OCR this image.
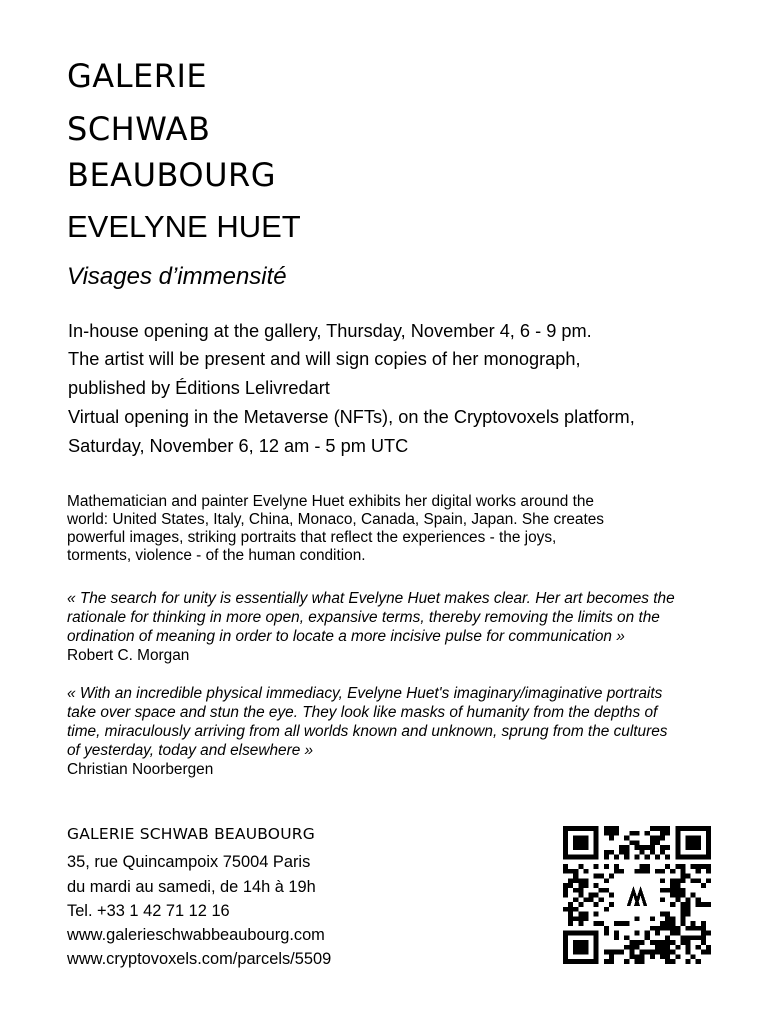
GALERIE
SCHWAB
BEAUBOURG
EVELYNE HUET
Visages d’immensité
In-house opening at the gallery, Thursday, November 4, 6 - 9 pm.
The artist will be present and will sign copies of her monograph,
published by Éditions Lelivredart
Virtual opening in the Metaverse (NFTs), on the Cryptovoxels platform,
Saturday, November 6, 12 am - 5 pm UTC
Mathematician and painter Evelyne Huet exhibits her digital works around the
world: United States, Italy, China, Monaco, Canada, Spain, Japan. She creates
powerful images, striking portraits that reflect the experiences - the joys,
torments, violence - of the human condition.
« The search for unity is essentially what Evelyne Huet makes clear. Her art becomes the
rationale for thinking in more open, expansive terms, thereby removing the limits on the
ordination of meaning in order to locate a more incisive pulse for communication »
Robert C. Morgan
« With an incredible physical immediacy, Evelyne Huet's imaginary/imaginative portraits
take over space and stun the eye. They look like masks of humanity from the depths of
time, miraculously arriving from all worlds known and unknown, sprung from the cultures
of yesterday, today and elsewhere »
Christian Noorbergen
GALERIE SCHWAB BEAUBOURG
35, rue Quincampoix 75004 Paris
du mardi au samedi, de 14h à 19h
Tel. +33 1 42 71 12 16
www.galerieschwabbeaubourg.com
www.cryptovoxels.com/parcels/5509
